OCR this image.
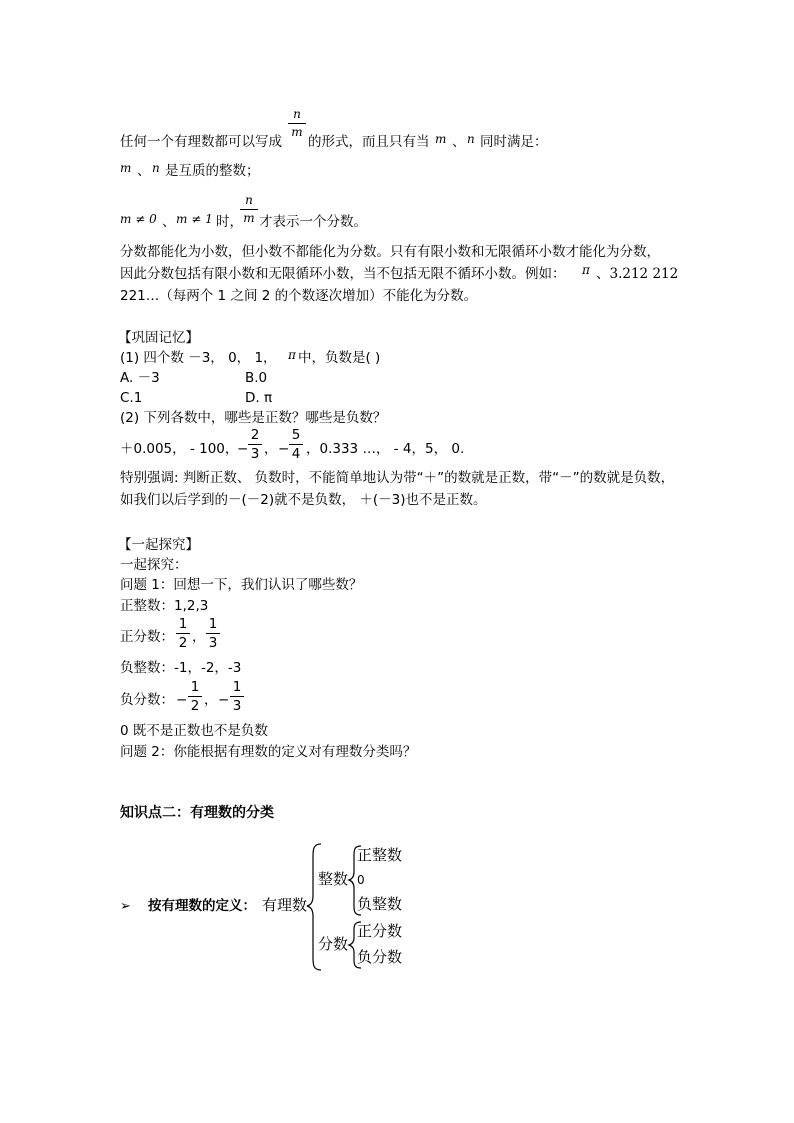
任何一个有理数都可以写成
n
m
的形式，而且只有当 m 、 n 同时满足：
m 、 n 是互质的整数；
m ≠ 0 、 m ≠ 1 时，
n
m 才表示一个分数。
分数都能化为小数，但小数不都能化为分数。只有有限小数和无限循环小数才能化为分数，
因此分数包括有限小数和无限循环小数，当不包括无限不循环小数。例如： π 、3.212 212
221…（每两个 1 之间 2 的个数逐次增加）不能化为分数。
【巩固记忆】
(1) 四个数 －3， 0， 1， π 中，负数是( )
A. －3	B.0
C.1	D. π
(2) 下列各数中，哪些是正数？哪些是负数？
＋0.005， - 100，
−
2
3 ， −
5
4 ，0.333 …， - 4，5， 0.
特别强调: 判断正数、 负数时，不能简单地认为带“＋”的数就是正数，带“－”的数就是负数，
如我们以后学到的－(－2)就不是负数， ＋(－3)也不是正数。
【一起探究】
一起探究：
问题 1：回想一下，我们认识了哪些数？
正整数：1,2,3
正分数：
1
2 ，
1
3
负整数：-1，-2，-3
负分数： −
1
2 ， −
1
3
0 既不是正数也不是负数
问题 2：你能根据有理数的定义对有理数分类吗？
知识点二：有理数的分类
➢ 按有理数的定义： 有理数
整数
正整数
0
负整数
分数
正分数
负分数
